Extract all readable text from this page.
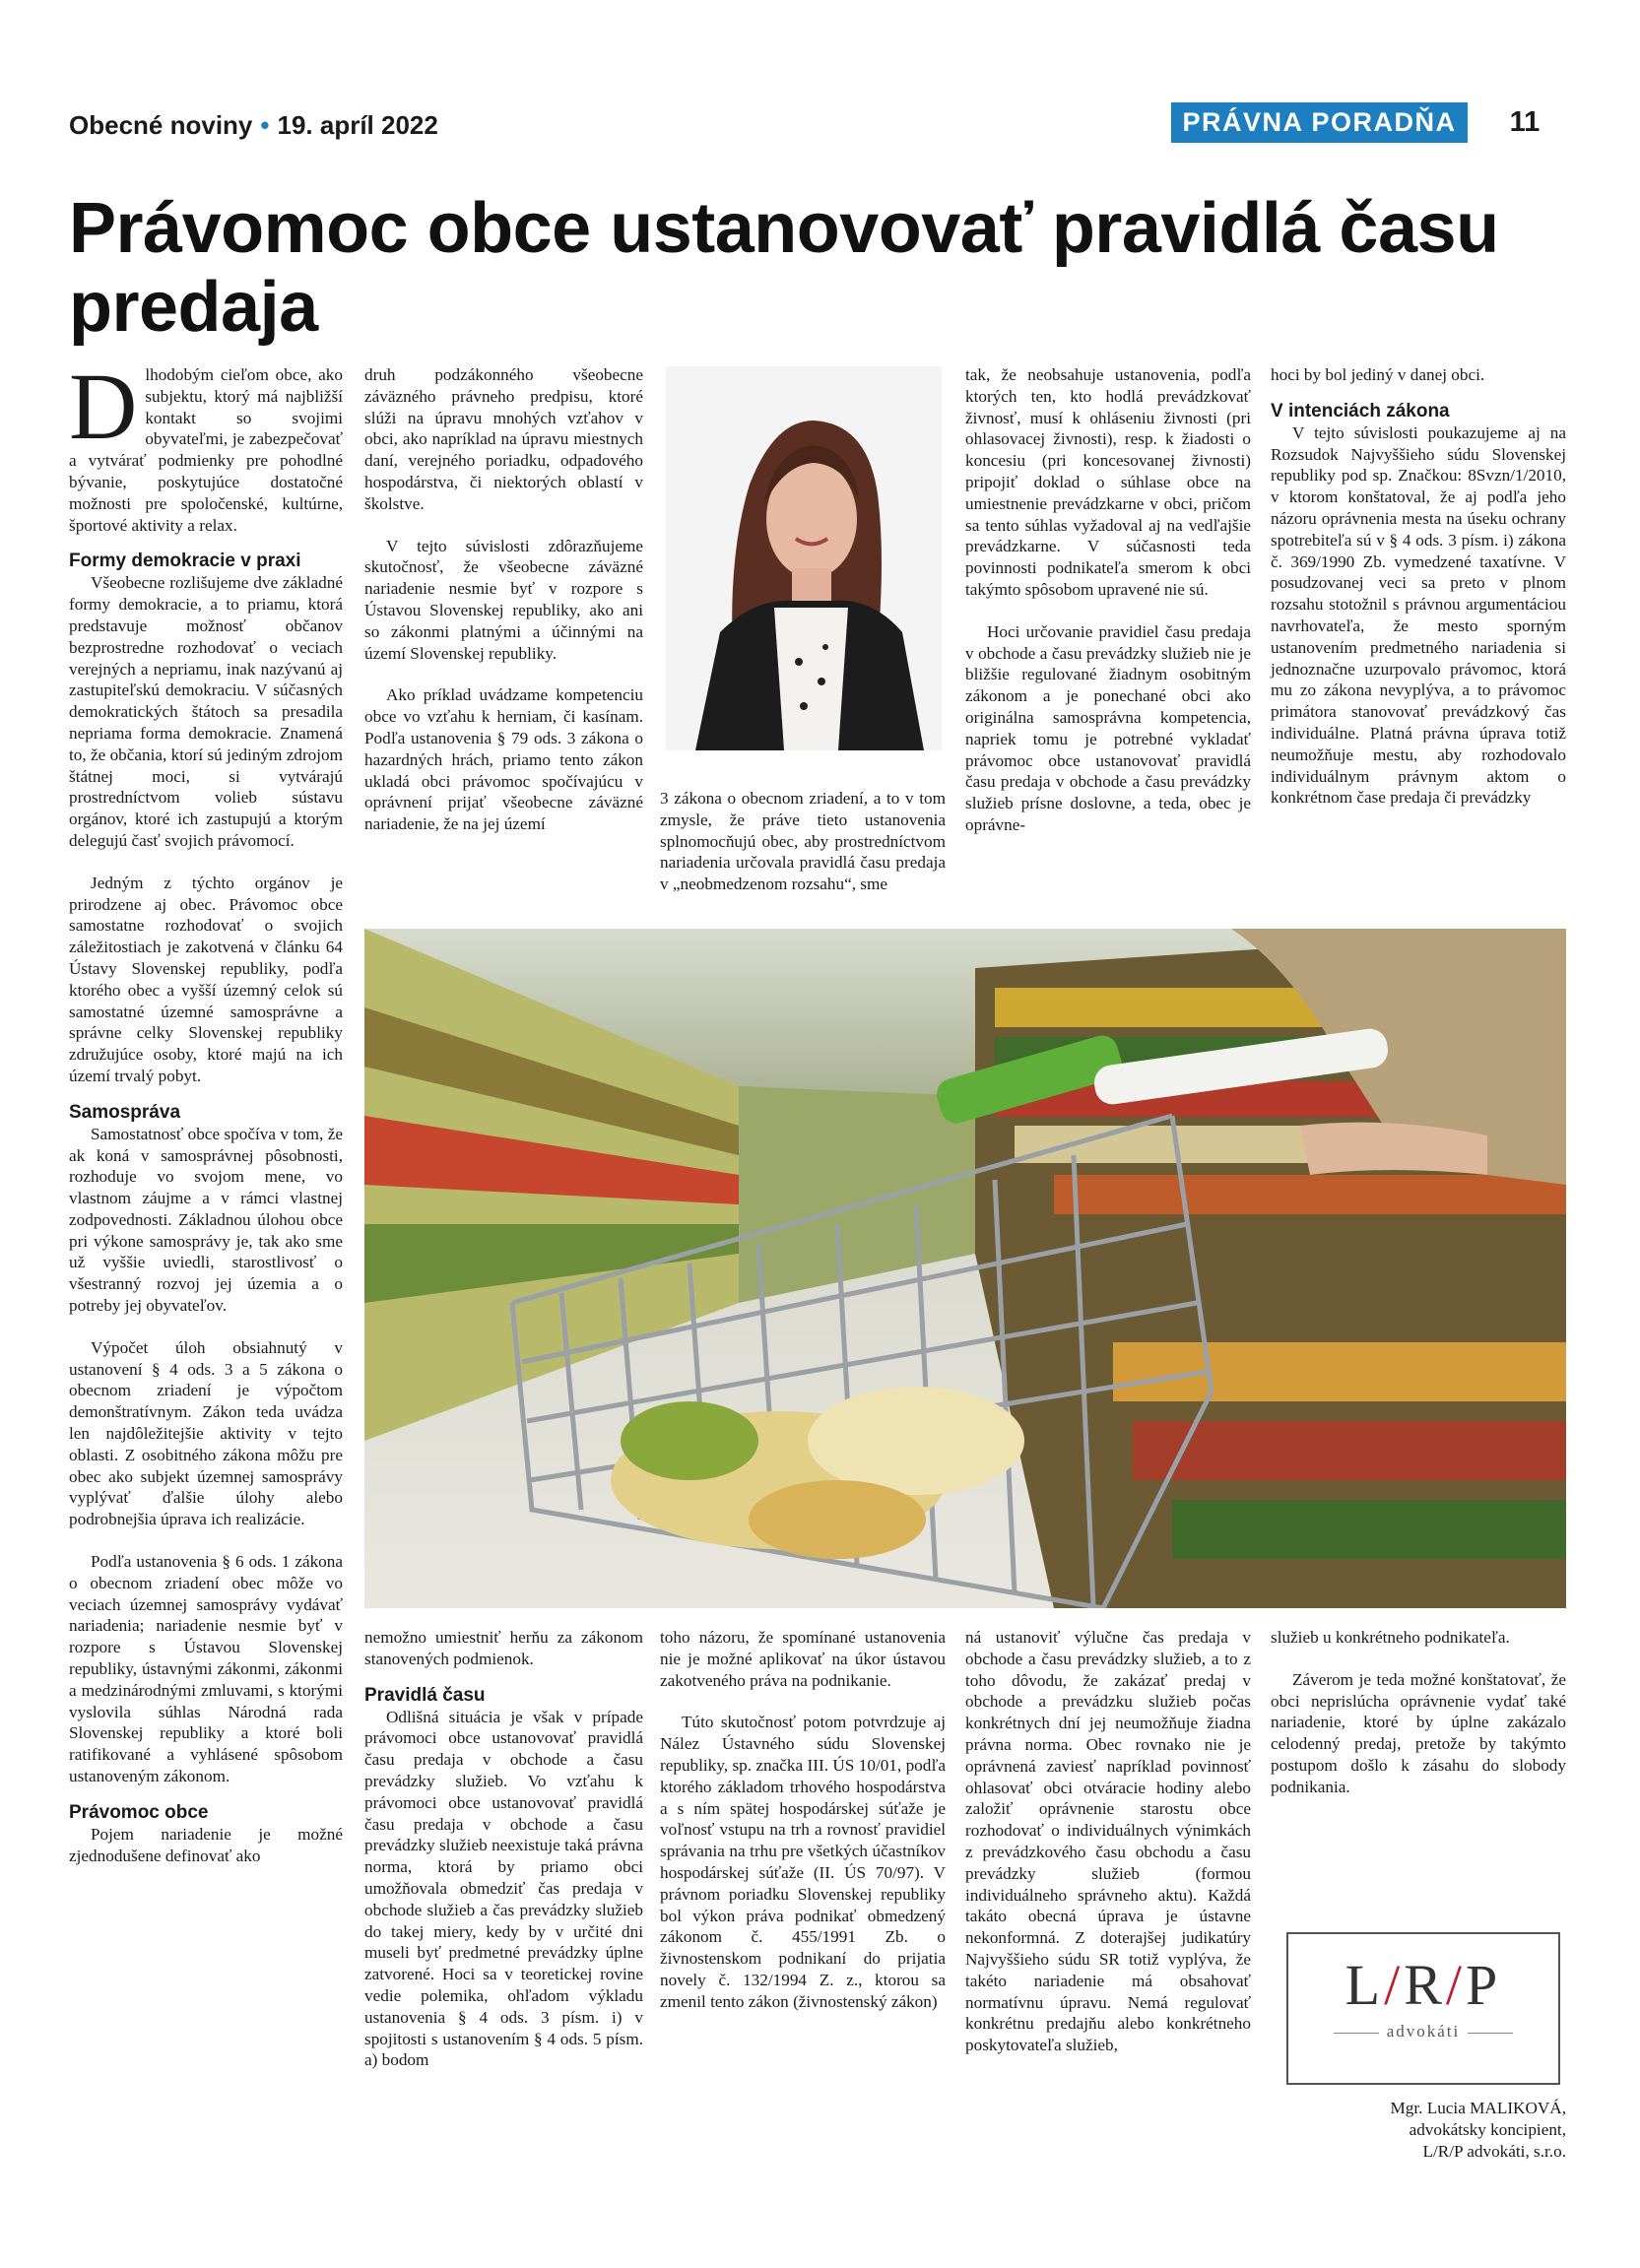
Obecné noviny • 19. apríl 2022	PRÁVNA PORADŇA	11
Právomoc obce ustanovovať pravidlá času predaja

Dlhodobým cieľom obce, ako subjektu, ktorý má najbližší kontakt so svojimi obyvateľmi, je zabezpečovať a vytvárať podmienky pre pohodlné bývanie, poskytujúce dostatočné možnosti pre spoločenské, kultúrne, športové aktivity a relax.

Formy demokracie v praxi

Všeobecne rozlišujeme dve základné formy demokracie, a to priamu, ktorá predstavuje možnosť občanov bezprostredne rozhodovať o veciach verejných a nepriamu, inak nazývanú aj zastupiteľskú demokraciu. V súčasných demokratických štátoch sa presadila nepriama forma demokracie. Znamená to, že občania, ktorí sú jediným zdrojom štátnej moci, si vytvárajú prostredníctvom volieb sústavu orgánov, ktoré ich zastupujú a ktorým delegujú časť svojich právomocí.

Jedným z týchto orgánov je prirodzene aj obec. Právomoc obce samostatne rozhodovať o svojich záležitostiach je zakotvená v článku 64 Ústavy Slovenskej republiky, podľa ktorého obec a vyšší územný celok sú samostatné územné samosprávne a správne celky Slovenskej republiky združujúce osoby, ktoré majú na ich území trvalý pobyt.

Samospráva

Samostatnosť obce spočíva v tom, že ak koná v samosprávnej pôsobnosti, rozhoduje vo svojom mene, vo vlastnom záujme a v rámci vlastnej zodpovednosti. Základnou úlohou obce pri výkone samosprávy je, tak ako sme už vyššie uviedli, starostlivosť o všestranný rozvoj jej územia a o potreby jej obyvateľov.

Výpočet úloh obsiahnutý v ustanovení § 4 ods. 3 a 5 zákona o obecnom zriadení je výpočtom demonštratívnym. Zákon teda uvádza len najdôležitejšie aktivity v tejto oblasti. Z osobitného zákona môžu pre obec ako subjekt územnej samosprávy vyplývať ďalšie úlohy alebo podrobnejšia úprava ich realizácie.

Podľa ustanovenia § 6 ods. 1 zákona o obecnom zriadení obec môže vo veciach územnej samosprávy vydávať nariadenia; nariadenie nesmie byť v rozpore s Ústavou Slovenskej republiky, ústavnými zákonmi, zákonmi a medzinárodnými zmluvami, s ktorými vyslovila súhlas Národná rada Slovenskej republiky a ktoré boli ratifikované a vyhlásené spôsobom ustanoveným zákonom.

Právomoc obce

Pojem nariadenie je možné zjednodušene definovať ako

druh podzákonného všeobecne záväzného právneho predpisu, ktoré slúži na úpravu mnohých vzťahov v obci, ako napríklad na úpravu miestnych daní, verejného poriadku, odpadového hospodárstva, či niektorých oblastí v školstve.

V tejto súvislosti zdôrazňujeme skutočnosť, že všeobecne záväzné nariadenie nesmie byť v rozpore s Ústavou Slovenskej republiky, ako ani so zákonmi platnými a účinnými na území Slovenskej republiky.

Ako príklad uvádzame kompetenciu obce vo vzťahu k herniam, či kasínam. Podľa ustanovenia § 79 ods. 3 zákona o hazardných hrách, priamo tento zákon ukladá obci právomoc spočívajúcu v oprávnení prijať všeobecne záväzné nariadenie, že na jej území

3 zákona o obecnom zriadení, a to v tom zmysle, že práve tieto ustanovenia splnomocňujú obec, aby prostredníctvom nariadenia určovala pravidlá času predaja v „neobmedzenom rozsahu“, sme

tak, že neobsahuje ustanovenia, podľa ktorých ten, kto hodlá prevádzkovať živnosť, musí k ohláseniu živnosti (pri ohlasovacej živnosti), resp. k žiadosti o koncesiu (pri koncesovanej živnosti) pripojiť doklad o súhlase obce na umiestnenie prevádzkarne v obci, pričom sa tento súhlas vyžadoval aj na vedľajšie prevádzkarne. V súčasnosti teda povinnosti podnikateľa smerom k obci takýmto spôsobom upravené nie sú.

Hoci určovanie pravidiel času predaja v obchode a času prevádzky služieb nie je bližšie regulované žiadnym osobitným zákonom a je ponechané obci ako originálna samosprávna kompetencia, napriek tomu je potrebné vykladať právomoc obce ustanovovať pravidlá času predaja v obchode a času prevádzky služieb prísne doslovne, a teda, obec je oprávne-

hoci by bol jediný v danej obci.

V intenciách zákona

V tejto súvislosti poukazujeme aj na Rozsudok Najvyššieho súdu Slovenskej republiky pod sp. Značkou: 8Svzn/1/2010, v ktorom konštatoval, že aj podľa jeho názoru oprávnenia mesta na úseku ochrany spotrebiteľa sú v § 4 ods. 3 písm. i) zákona č. 369/1990 Zb. vymedzené taxatívne. V posudzovanej veci sa preto v plnom rozsahu stotožnil s právnou argumentáciou navrhovateľa, že mesto sporným ustanovením predmetného nariadenia si jednoznačne uzurpovalo právomoc, ktorá mu zo zákona nevyplýva, a to právomoc primátora stanovovať prevádzkový čas individuálne. Platná právna úprava totiž neumožňuje mestu, aby rozhodovalo individuálnym právnym aktom o konkrétnom čase predaja či prevádzky

nemožno umiestniť herňu za zákonom stanovených podmienok.

Pravidlá času

Odlišná situácia je však v prípade právomoci obce ustanovovať pravidlá času predaja v obchode a času prevádzky služieb. Vo vzťahu k právomoci obce ustanovovať pravidlá času predaja v obchode a času prevádzky služieb neexistuje taká právna norma, ktorá by priamo obci umožňovala obmedziť čas predaja v obchode služieb a čas prevádzky služieb do takej miery, kedy by v určité dni museli byť predmetné prevádzky úplne zatvorené. Hoci sa v teoretickej rovine vedie polemika, ohľadom výkladu ustanovenia § 4 ods. 3 písm. i) v spojitosti s ustanovením § 4 ods. 5 písm. a) bodom

toho názoru, že spomínané ustanovenia nie je možné aplikovať na úkor ústavou zakotveného práva na podnikanie.

Túto skutočnosť potom potvrdzuje aj Nález Ústavného súdu Slovenskej republiky, sp. značka III. ÚS 10/01, podľa ktorého základom trhového hospodárstva a s ním spätej hospodárskej súťaže je voľnosť vstupu na trh a rovnosť pravidiel správania na trhu pre všetkých účastníkov hospodárskej súťaže (II. ÚS 70/97). V právnom poriadku Slovenskej republiky bol výkon práva podnikať obmedzený zákonom č. 455/1991 Zb. o živnostenskom podnikaní do prijatia novely č. 132/1994 Z. z., ktorou sa zmenil tento zákon (živnostenský zákon)

ná ustanoviť výlučne čas predaja v obchode a času prevádzky služieb, a to z toho dôvodu, že zakázať predaj v obchode a prevádzku služieb počas konkrétnych dní jej neumožňuje žiadna právna norma. Obec rovnako nie je oprávnená zaviesť napríklad povinnosť ohlasovať obci otváracie hodiny alebo založiť oprávnenie starostu obce rozhodovať o individuálnych výnimkách z prevádzkového času obchodu a času prevádzky služieb (formou individuálneho správneho aktu). Každá takáto obecná úprava je ústavne nekonformná. Z doterajšej judikatúry Najvyššieho súdu SR totiž vyplýva, že takéto nariadenie má obsahovať normatívnu úpravu. Nemá regulovať konkrétnu predajňu alebo konkrétneho poskytovateľa služieb,

služieb u konkrétneho podnikateľa.

Záverom je teda možné konštatovať, že obci neprislúcha oprávnenie vydať také nariadenie, ktoré by úplne zakázalo celodenný predaj, pretože by takýmto postupom došlo k zásahu do slobody podnikania.

L/R/P
advokáti
Mgr. Lucia MALIKOVÁ,
advokátsky koncipient,
L/R/P advokáti, s.r.o.
